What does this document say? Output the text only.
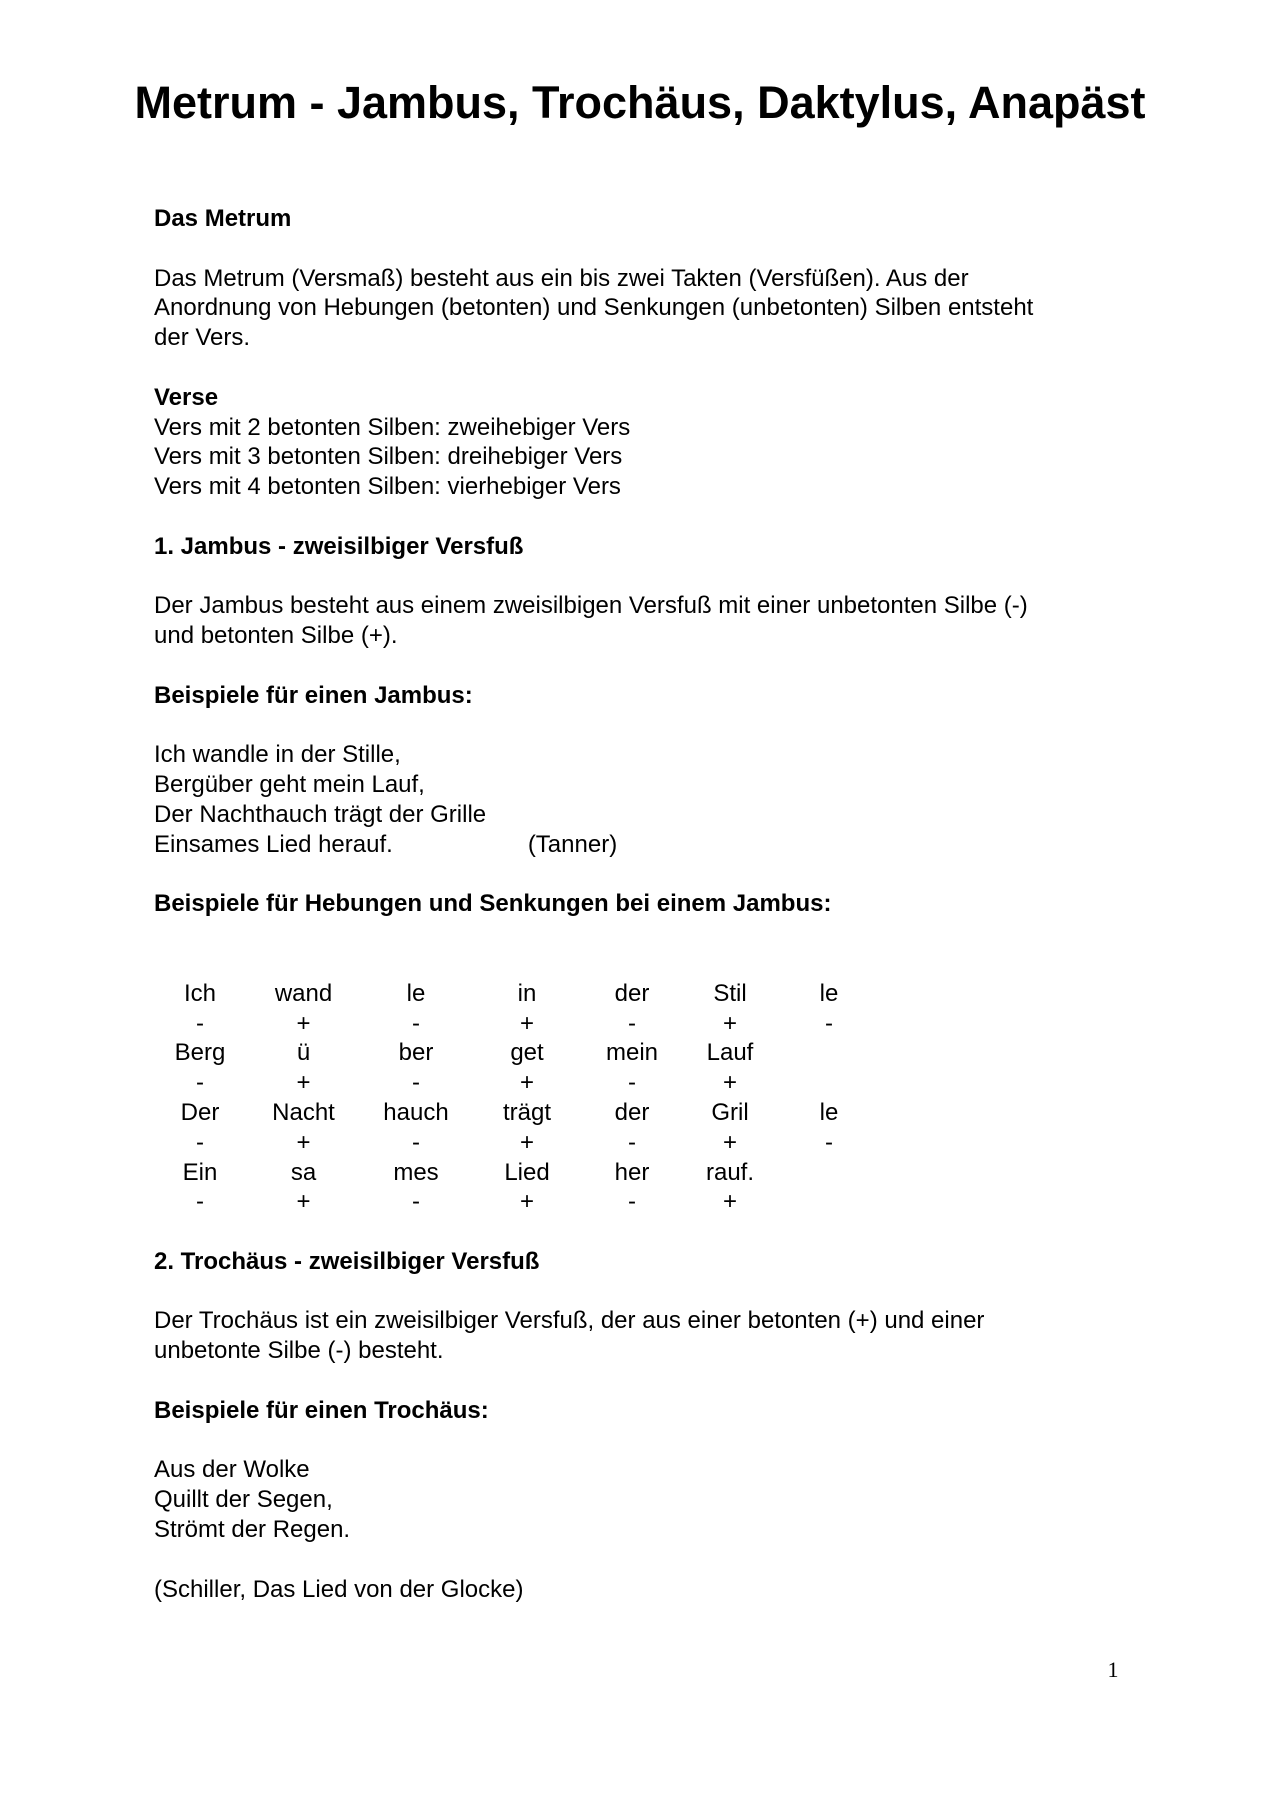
Metrum - Jambus, Trochäus, Daktylus, Anapäst
Das Metrum

Das Metrum (Versmaß) besteht aus ein bis zwei Takten (Versfüßen). Aus der

Anordnung von Hebungen (betonten) und Senkungen (unbetonten) Silben entsteht

der Vers.

Verse

Vers mit 2 betonten Silben: zweihebiger Vers

Vers mit 3 betonten Silben: dreihebiger Vers

Vers mit 4 betonten Silben: vierhebiger Vers

1. Jambus - zweisilbiger Versfuß

Der Jambus besteht aus einem zweisilbigen Versfuß mit einer unbetonten Silbe (-)

und betonten Silbe (+).

Beispiele für einen Jambus:

Ich wandle in der Stille,

Bergüber geht mein Lauf,

Der Nachthauch trägt der Grille

Einsames Lied herauf.	(Tanner)

Beispiele für Hebungen und Senkungen bei einem Jambus:
Ich	wand	le	in	der	Stil	le
-	+	-	+	-	+	-
Berg	ü	ber	get	mein	Lauf	
-	+	-	+	-	+	
Der	Nacht	hauch	trägt	der	Gril	le
-	+	-	+	-	+	-
Ein	sa	mes	Lied	her	rauf.	
-	+	-	+	-	+	
2. Trochäus - zweisilbiger Versfuß

Der Trochäus ist ein zweisilbiger Versfuß, der aus einer betonten (+) und einer

unbetonte Silbe (-) besteht.

Beispiele für einen Trochäus:

Aus der Wolke

Quillt der Segen,

Strömt der Regen.

(Schiller, Das Lied von der Glocke)

1
